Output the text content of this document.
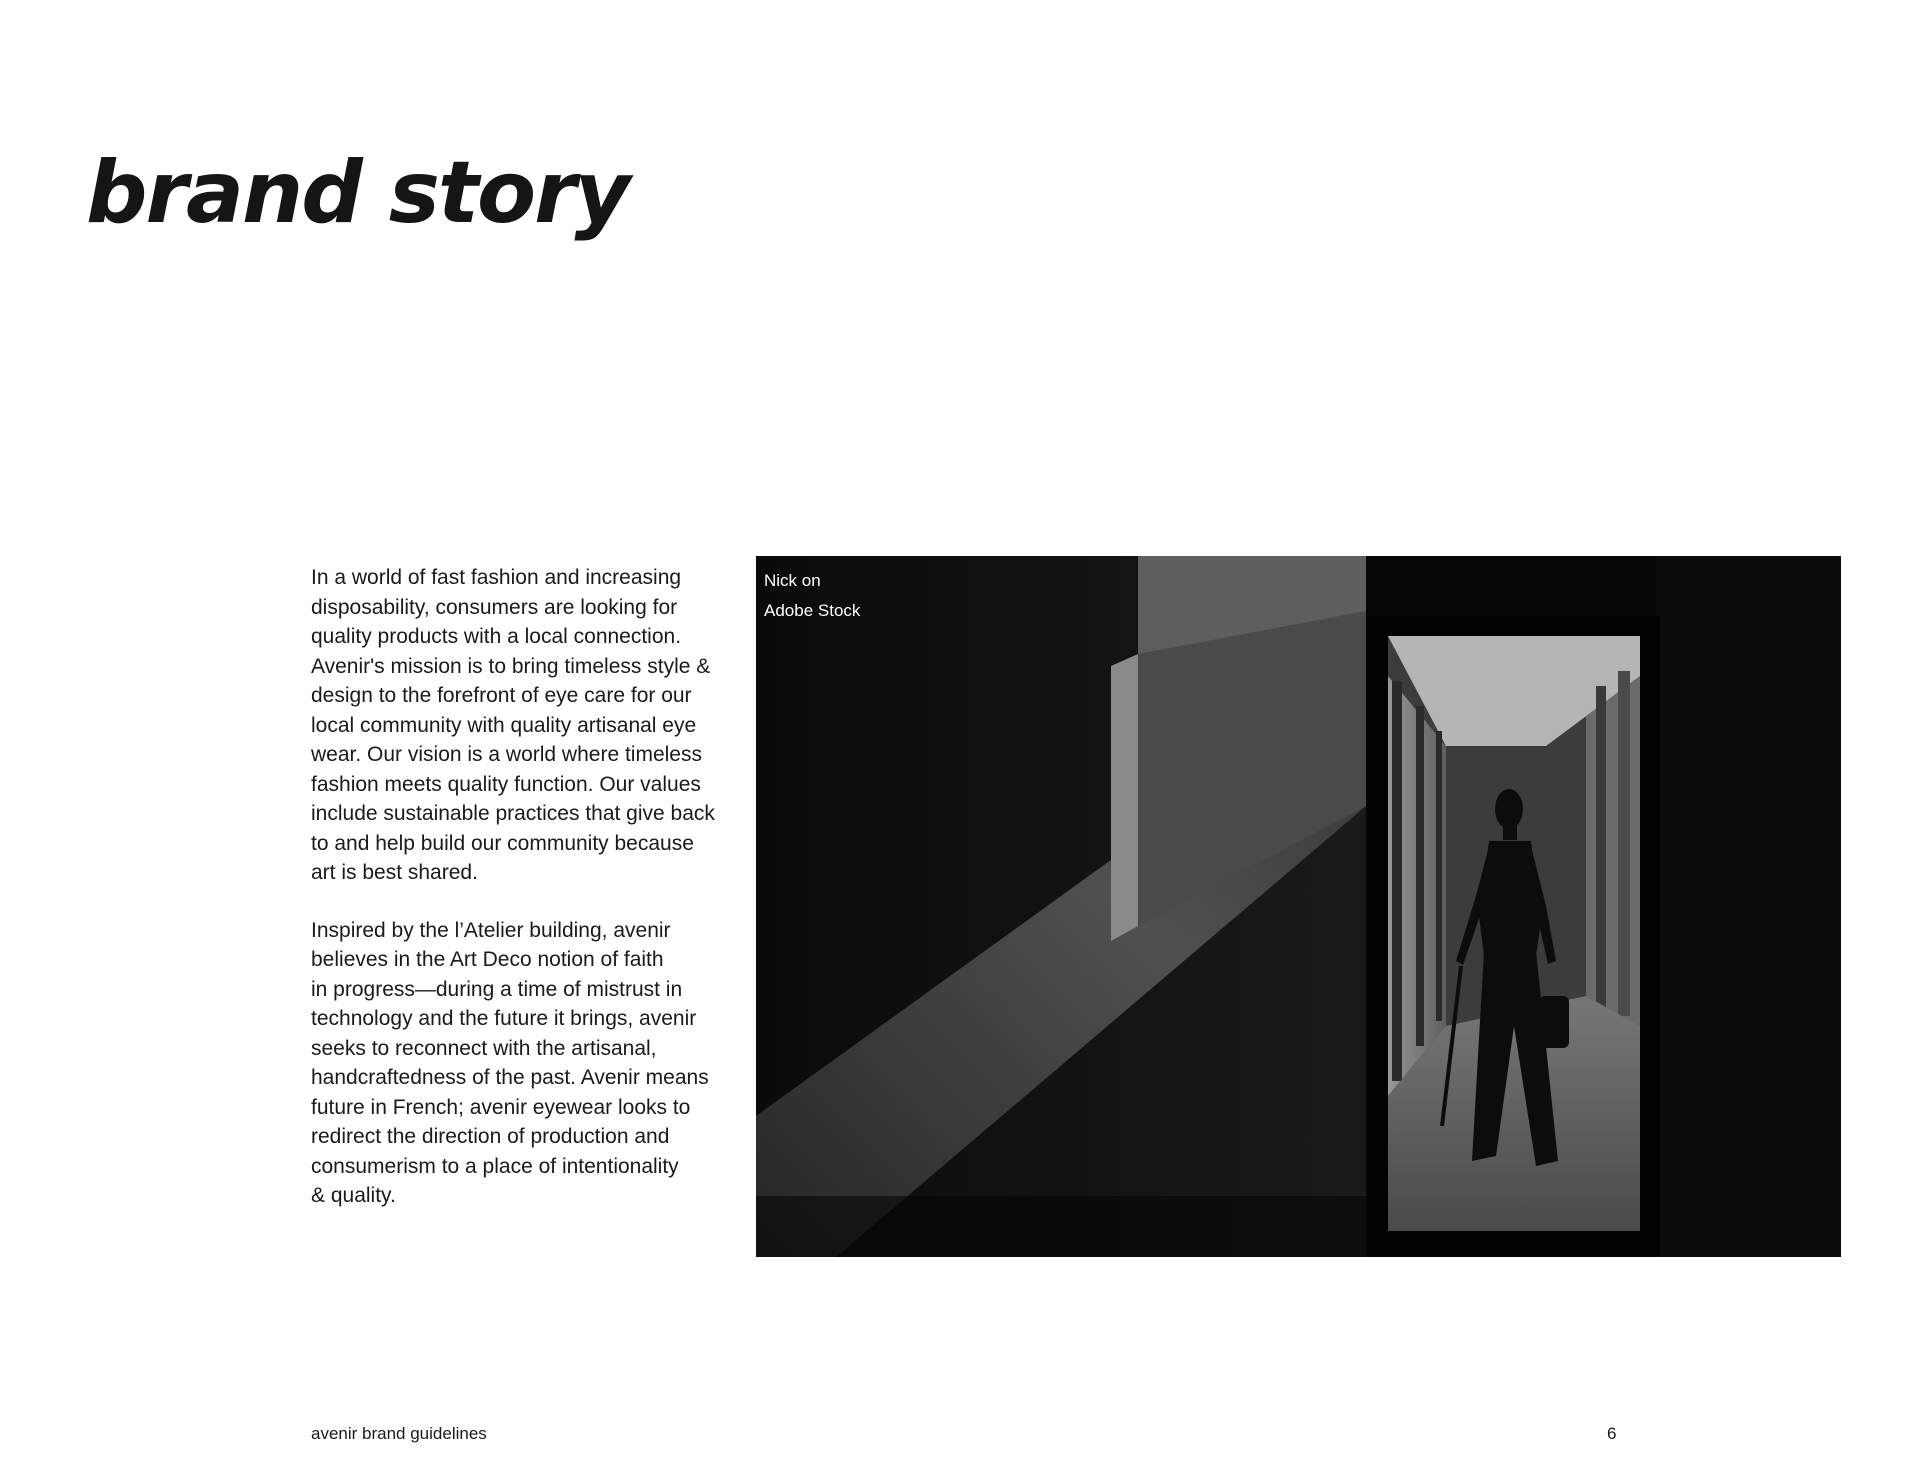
brand story

In a world of fast fashion and increasing
disposability, consumers are looking for
quality products with a local connection.
Avenir's mission is to bring timeless style &
design to the forefront of eye care for our
local community with quality artisanal eye
wear. Our vision is a world where timeless
fashion meets quality function. Our values
include sustainable practices that give back
to and help build our community because
art is best shared.

Inspired by the l’Atelier building, avenir
believes in the Art Deco notion of faith
in progress—during a time of mistrust in
technology and the future it brings, avenir
seeks to reconnect with the artisanal,
handcraftedness of the past. Avenir means
future in French; avenir eyewear looks to
redirect the direction of production and
consumerism to a place of intentionality
& quality.

Nick on
Adobe Stock

avenir brand guidelines	6
